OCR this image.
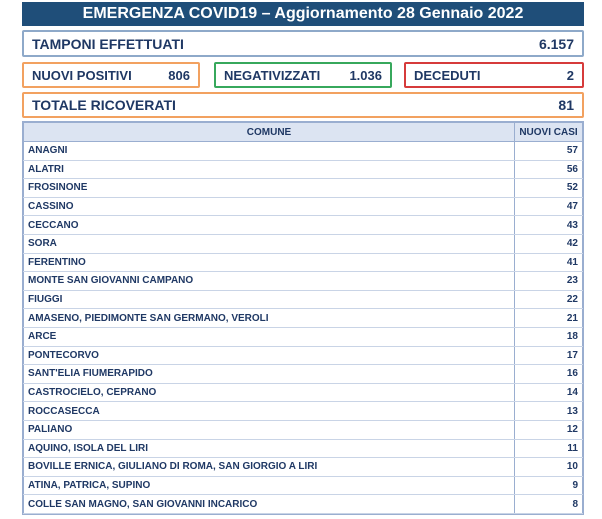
EMERGENZA COVID19 – Aggiornamento 28 Gennaio 2022
TAMPONI EFFETTUATI	6.157
NUOVI POSITIVI	806	NEGATIVIZZATI 1.036 DECEDUTI	2
TOTALE RICOVERATI	81
COMUNE	NUOVI CASI
ANAGNI	57
ALATRI	56
FROSINONE	52
CASSINO	47
CECCANO	43
SORA	42
FERENTINO	41
MONTE SAN GIOVANNI CAMPANO	23
FIUGGI	22
AMASENO, PIEDIMONTE SAN GERMANO, VEROLI	21
ARCE	18
PONTECORVO	17
SANT'ELIA FIUMERAPIDO	16
CASTROCIELO, CEPRANO	14
ROCCASECCA	13
PALIANO	12
AQUINO, ISOLA DEL LIRI	11
BOVILLE ERNICA, GIULIANO DI ROMA, SAN GIORGIO A LIRI	10
ATINA, PATRICA, SUPINO	9
COLLE SAN MAGNO, SAN GIOVANNI INCARICO	8
